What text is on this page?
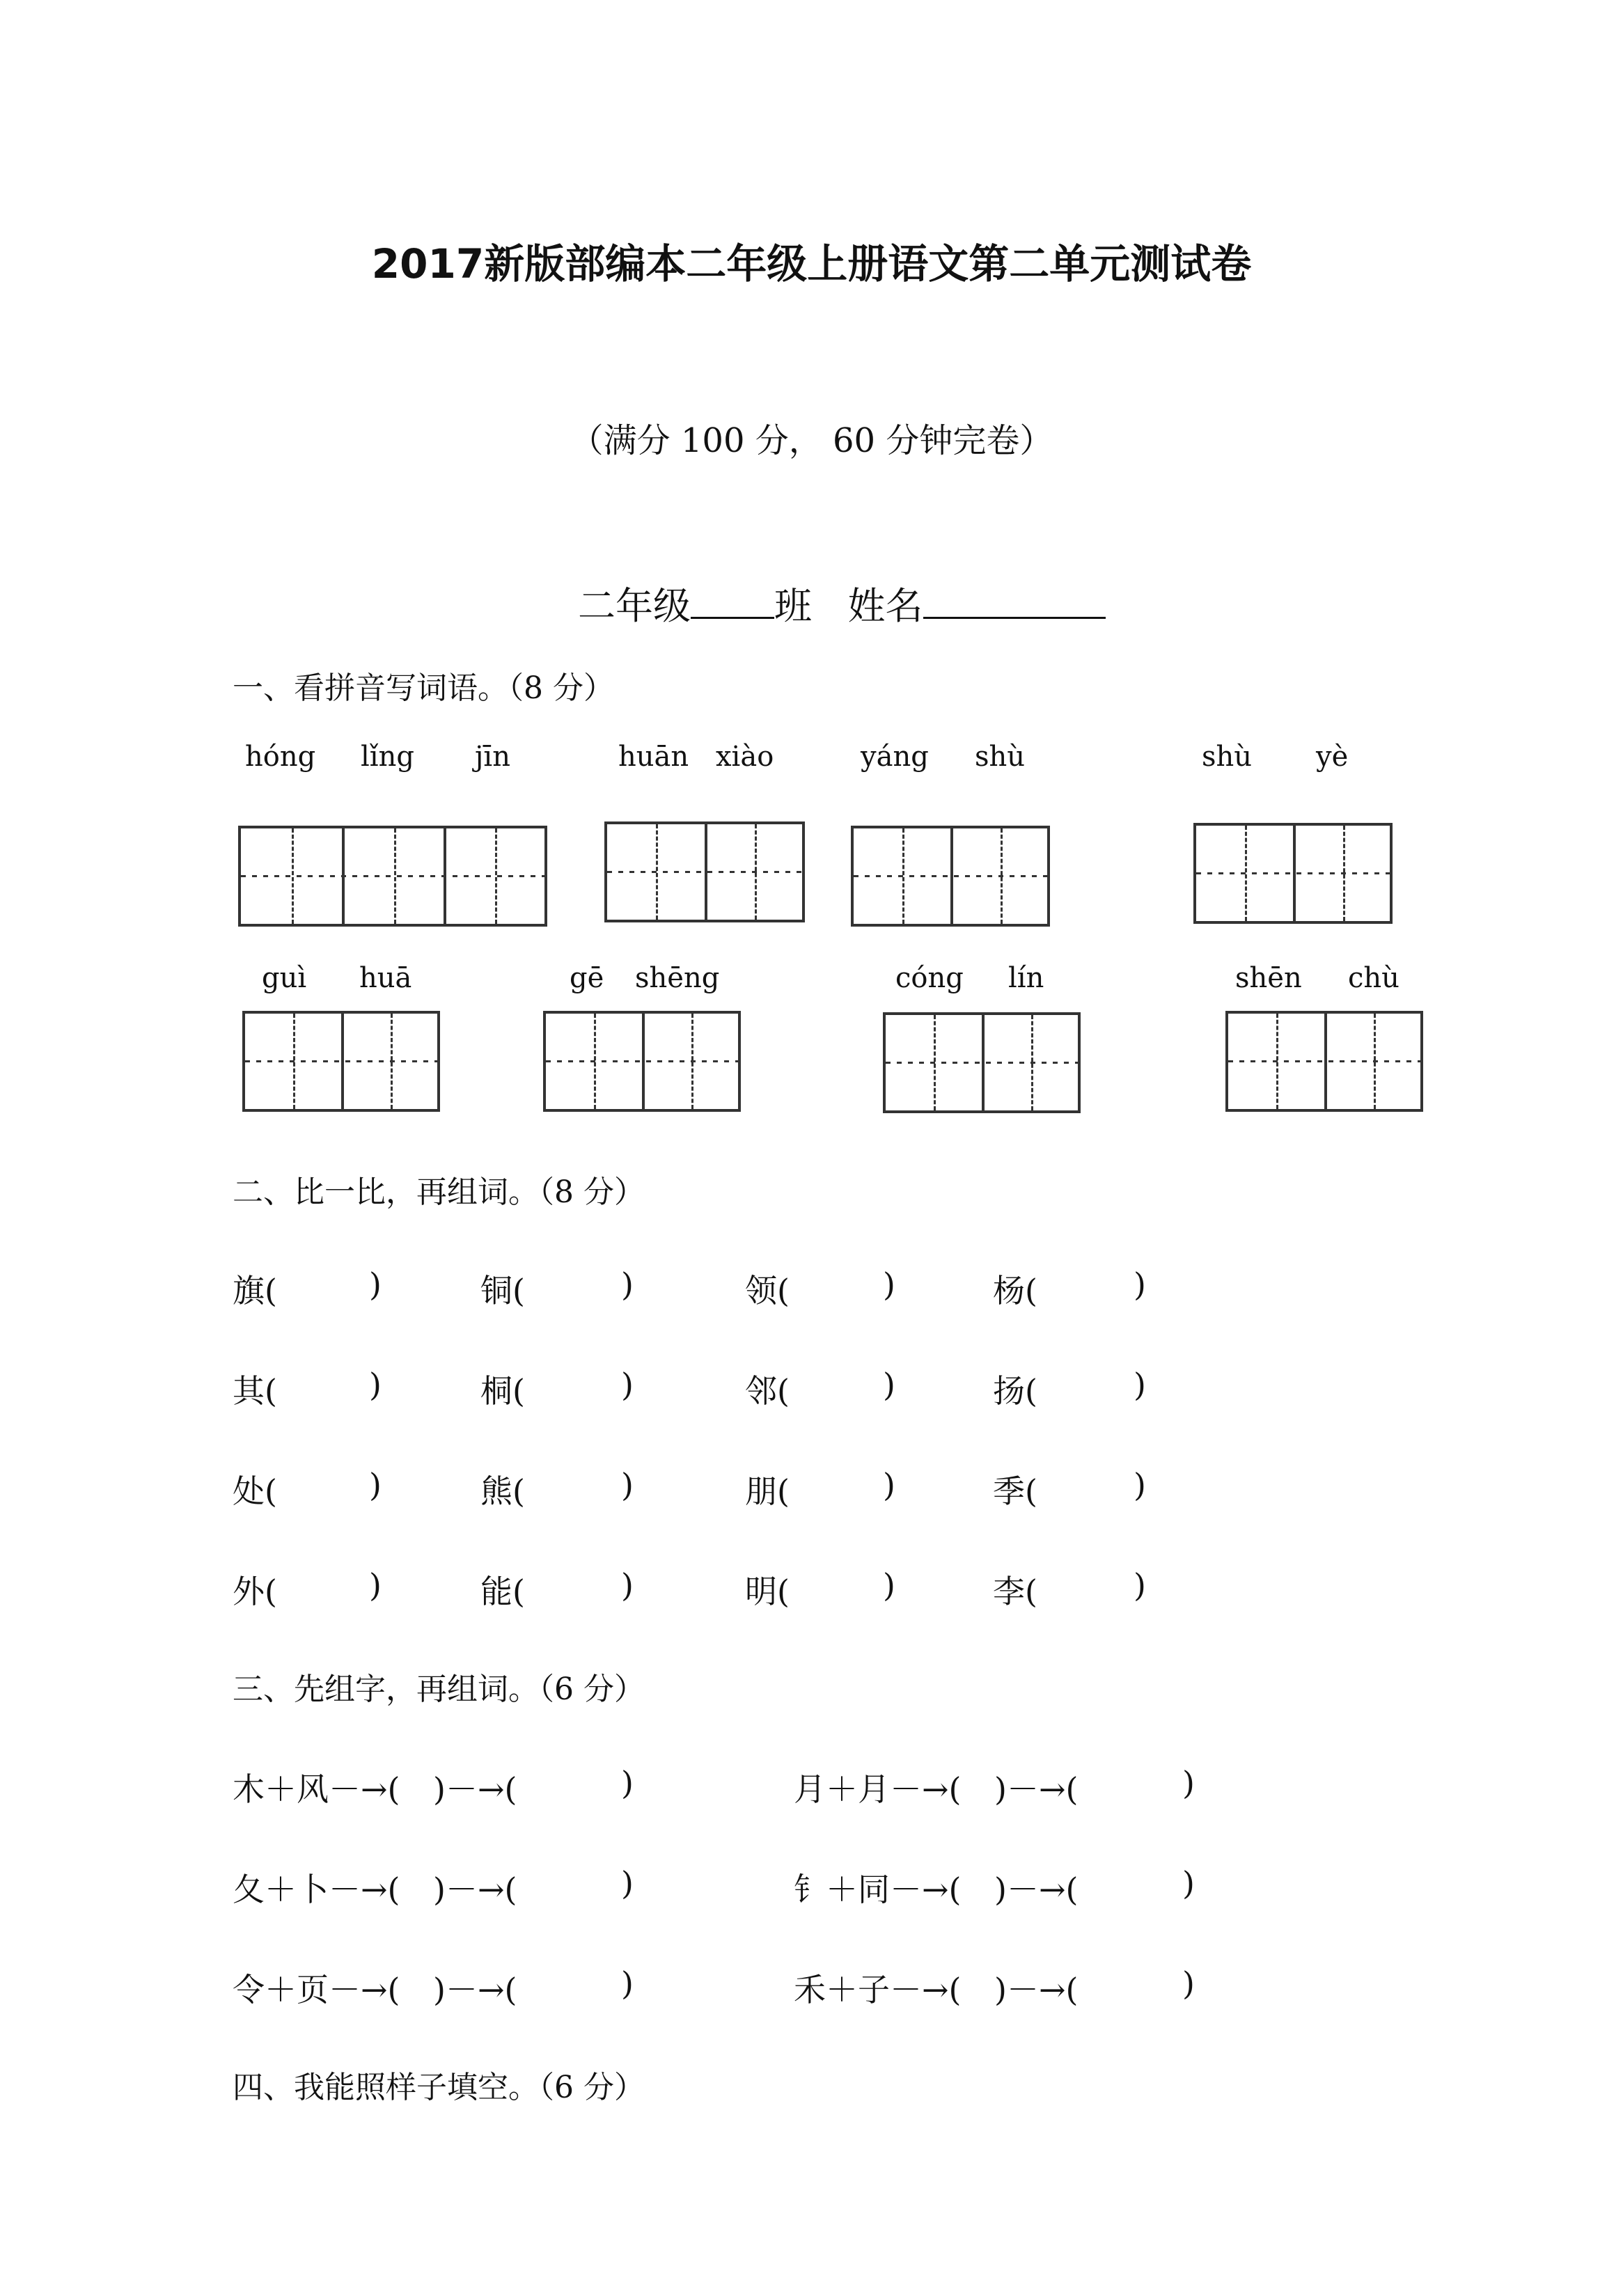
2017新版部编本二年级上册语文第二单元测试卷
（满分 100 分， 60 分钟完卷）
二年级 班 姓名
一、看拼音写词语。（8 分）
hóng lǐng jīn	huān xiào	yáng shù	shù yè
guì huā	gē shēng	cóng lín	shēn chù
二、比一比，再组词。（8 分）
旗(	)	铜(	)	领(	)	杨(	)
其(	)	桐(	)	邻(	)	扬(	)
处(	)	熊(	)	朋(	)	季(	)
外(	)	能(	)	明(	)	李(	)
三、先组字，再组词。（6 分）
木＋风－→( )－→(	)	月＋月－→( )－→(	)
夂＋卜－→( )－→(	)	钅＋同－→( )－→(	)
令＋页－→( )－→(	)	禾＋子－→( )－→(	)
四、我能照样子填空。（6 分）
